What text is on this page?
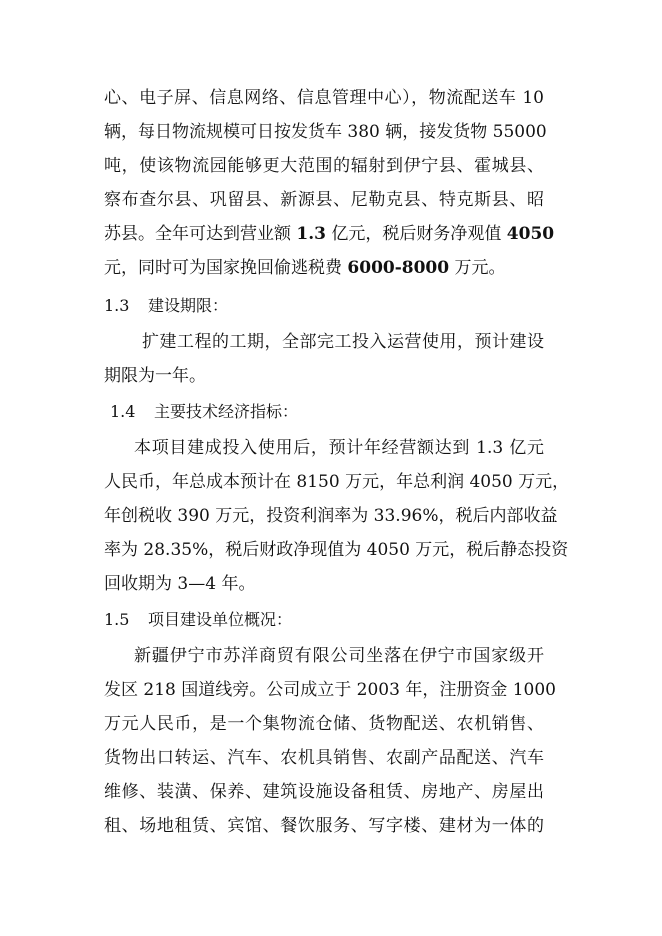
心、电子屏、信息网络、信息管理中心），物流配送车 10
辆，每日物流规模可日按发货车 380 辆，接发货物 55000
吨，使该物流园能够更大范围的辐射到伊宁县、霍城县、
察布查尔县、巩留县、新源县、尼勒克县、特克斯县、昭
苏县。全年可达到营业额 1.3 亿元，税后财务净观值 4050
元，同时可为国家挽回偷逃税费 6000-8000 万元。
1.3 建设期限：
扩建工程的工期，全部完工投入运营使用，预计建设
期限为一年。
1.4 主要技术经济指标：
本项目建成投入使用后，预计年经营额达到 1.3 亿元
人民币，年总成本预计在 8150 万元，年总利润 4050 万元，
年创税收 390 万元，投资利润率为 33.96%，税后内部收益
率为 28.35%，税后财政净现值为 4050 万元，税后静态投资
回收期为 3—4 年。
1.5 项目建设单位概况：
新疆伊宁市苏洋商贸有限公司坐落在伊宁市国家级开
发区 218 国道线旁。公司成立于 2003 年，注册资金 1000
万元人民币，是一个集物流仓储、货物配送、农机销售、
货物出口转运、汽车、农机具销售、农副产品配送、汽车
维修、装潢、保养、建筑设施设备租赁、房地产、房屋出
租、场地租赁、宾馆、餐饮服务、写字楼、建材为一体的
